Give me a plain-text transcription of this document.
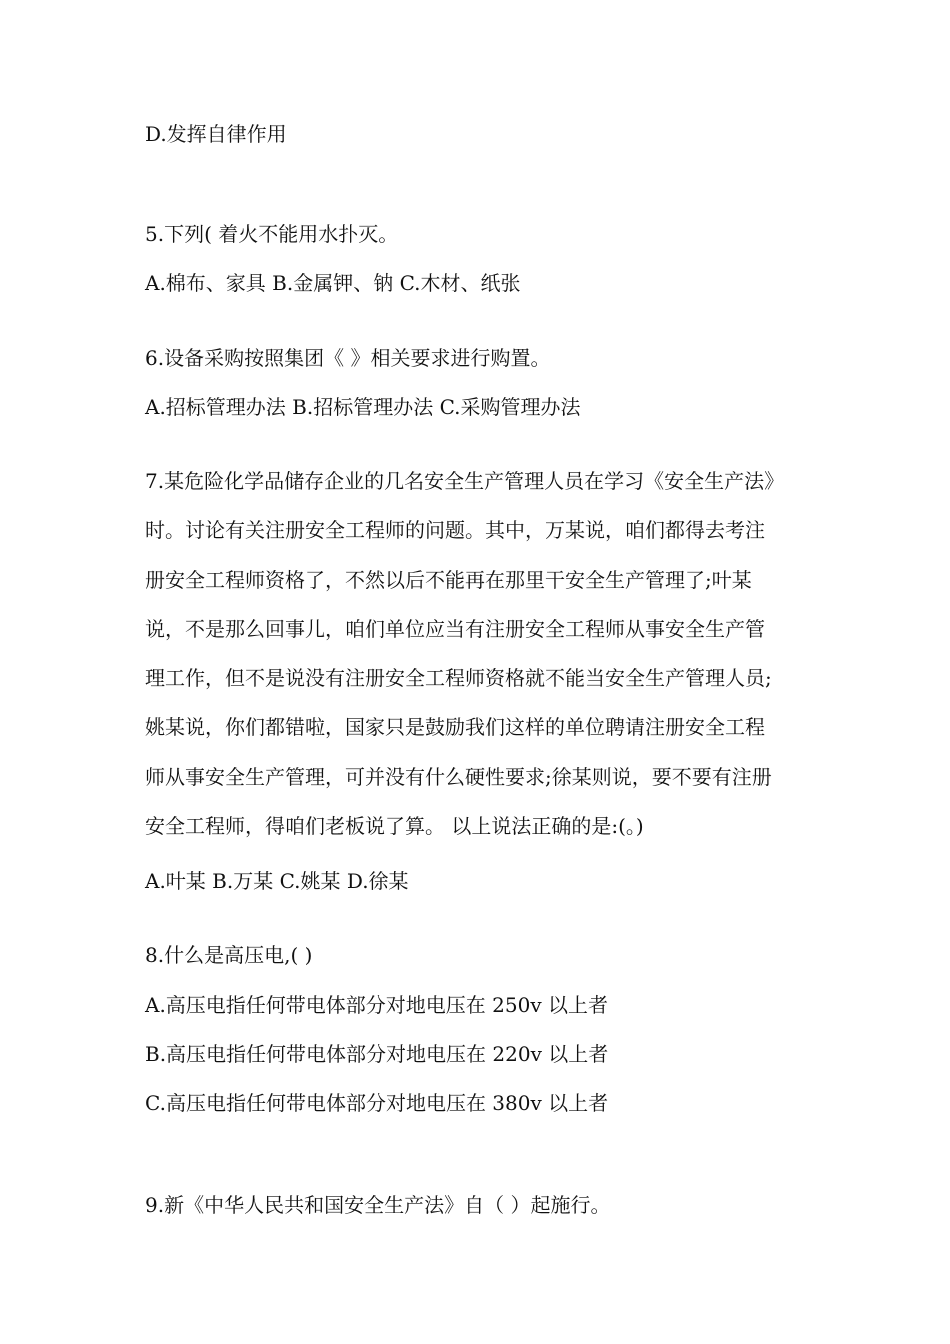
D.发挥自律作用
5.下列( 着火不能用水扑灭。
A.棉布、家具 B.金属钾、钠 C.木材、纸张
6.设备采购按照集团《 》相关要求进行购置。
A.招标管理办法 B.招标管理办法 C.采购管理办法
7.某危险化学品储存企业的几名安全生产管理人员在学习《安全生产法》
时。讨论有关注册安全工程师的问题。其中，万某说，咱们都得去考注
册安全工程师资格了，不然以后不能再在那里干安全生产管理了;叶某
说，不是那么回事儿，咱们单位应当有注册安全工程师从事安全生产管
理工作，但不是说没有注册安全工程师资格就不能当安全生产管理人员;
姚某说，你们都错啦，国家只是鼓励我们这样的单位聘请注册安全工程
师从事安全生产管理，可并没有什么硬性要求;徐某则说，要不要有注册
安全工程师，得咱们老板说了算。 以上说法正确的是:(。)
A.叶某 B.万某 C.姚某 D.徐某
8.什么是高压电,( )
A.高压电指任何带电体部分对地电压在 250v 以上者
B.高压电指任何带电体部分对地电压在 220v 以上者
C.高压电指任何带电体部分对地电压在 380v 以上者
9.新《中华人民共和国安全生产法》自（ ）起施行。
